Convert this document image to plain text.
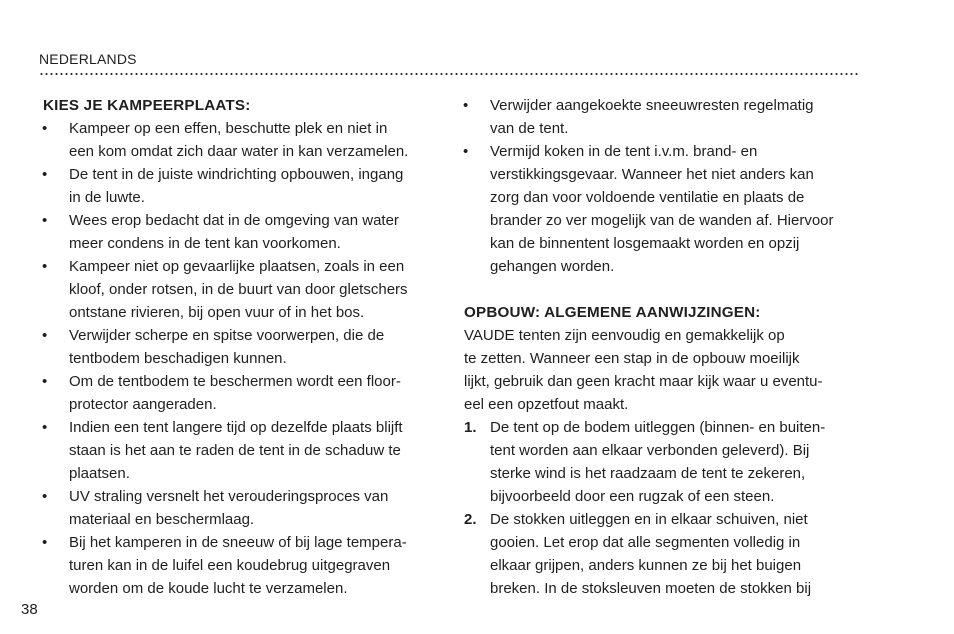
NEDERLANDS
KIES JE KAMPEERPLAATS:
•	Kampeer op een effen, beschutte plek en niet in
een kom omdat zich daar water in kan verzamelen.
•	De tent in de juiste windrichting opbouwen, ingang
in de luwte.
•	Wees erop bedacht dat in de omgeving van water
meer condens in de tent kan voorkomen.
•	Kampeer niet op gevaarlijke plaatsen, zoals in een
kloof, onder rotsen, in de buurt van door gletschers
ontstane rivieren, bij open vuur of in het bos.
•	Verwijder scherpe en spitse voorwerpen, die de
tentbodem beschadigen kunnen.
•	Om de tentbodem te beschermen wordt een floor-
protector aangeraden.
•	Indien een tent langere tijd op dezelfde plaats blijft
staan is het aan te raden de tent in de schaduw te
plaatsen.
•	UV straling versnelt het verouderingsproces van
materiaal en beschermlaag.
•	Bij het kamperen in de sneeuw of bij lage tempera-
turen kan in de luifel een koudebrug uitgegraven
worden om de koude lucht te verzamelen.
•	Verwijder aangekoekte sneeuwresten regelmatig
van de tent.
•	Vermijd koken in de tent i.v.m. brand- en
verstikkingsgevaar. Wanneer het niet anders kan
zorg dan voor voldoende ventilatie en plaats de
brander zo ver mogelijk van de wanden af. Hiervoor
kan de binnentent losgemaakt worden en opzij
gehangen worden.
OPBOUW: ALGEMENE AANWIJZINGEN:
VAUDE tenten zijn eenvoudig en gemakkelijk op
te zetten. Wanneer een stap in de opbouw moeilijk
lijkt, gebruik dan geen kracht maar kijk waar u eventu-
eel een opzetfout maakt.
1. De tent op de bodem uitleggen (binnen- en buiten-
tent worden aan elkaar verbonden geleverd). Bij
sterke wind is het raadzaam de tent te zekeren,
bijvoorbeeld door een rugzak of een steen.
2. De stokken uitleggen en in elkaar schuiven, niet
gooien. Let erop dat alle segmenten volledig in
elkaar grijpen, anders kunnen ze bij het buigen
breken. In de stoksleuven moeten de stokken bij
38
